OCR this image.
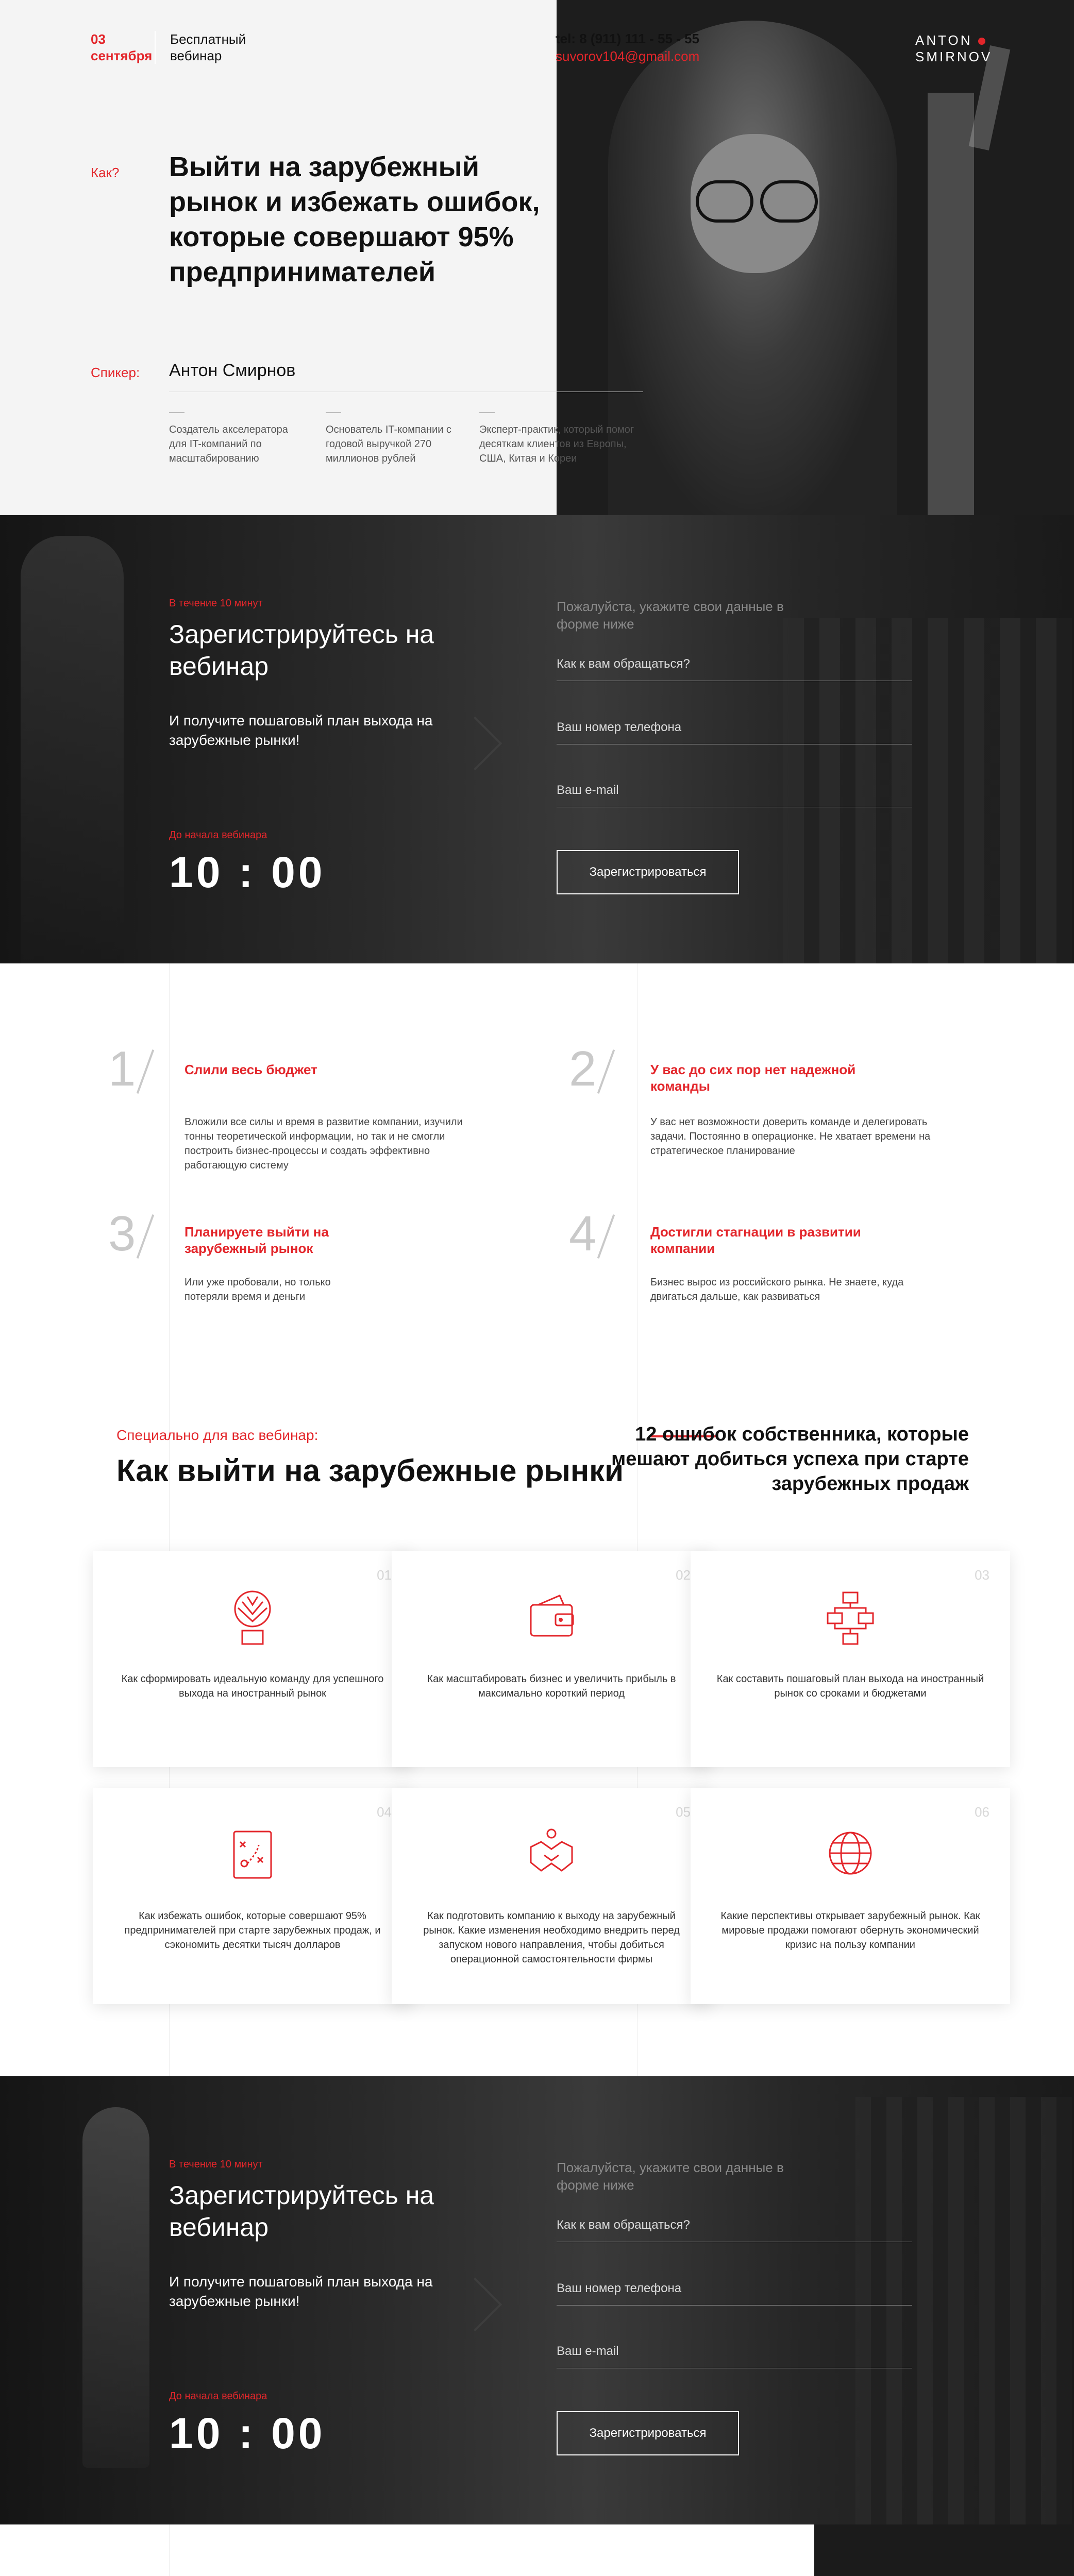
03
сентября
Бесплатный
вебинар
tel: 8 (911) 111 - 55 - 55
suvorov104@gmail.com
ANTON
SMIRNOV
Как? Выйти на зарубежный рынок и избежать ошибок, которые совершают 95% предпринимателей
Спикер: Антон Смирнов
Создатель акселератора для IT-компаний по масштабированию
Основатель IT-компании с годовой выручкой 270 миллионов рублей
Эксперт-практик, который помог десяткам клиентов из Европы, США, Китая и Кореи
В течение 10 минут
Зарегистрируйтесь на вебинар
И получите пошаговый план выхода на зарубежные рынки!
До начала вебинара
10 : 00
Пожалуйста, укажите свои данные в форме ниже
Как к вам обращаться?
Ваш номер телефона
Ваш e-mail
Зарегистрироваться
1	Слили весь бюджет
Вложили все силы и время в развитие компании, изучили тонны теоретической информации, но так и не смогли построить бизнес-процессы и создать эффективно работающую систему
2	У вас до сих пор нет надежной команды
У вас нет возможности доверить команде и делегировать задачи. Постоянно в операционке. Не хватает времени на стратегическое планирование
3	Планируете выйти на зарубежный рынок
Или уже пробовали, но только потеряли время и деньги
4	Достигли стагнации в развитии компании
Бизнес вырос из российского рынка. Не знаете, куда двигаться дальше, как развиваться
Специально для вас вебинар:
Как выйти на зарубежные рынки
12 ошибок собственника, которые мешают добиться успеха при старте зарубежных продаж
01
Как сформировать идеальную команду для успешного выхода на иностранный рынок
02
Как масштабировать бизнес и увеличить прибыль в максимально короткий период
03
Как составить пошаговый план выхода на иностранный рынок со сроками и бюджетами
04
Как избежать ошибок, которые совершают 95% предпринимателей при старте зарубежных продаж, и сэкономить десятки тысяч долларов
05
Как подготовить компанию к выходу на зарубежный рынок. Какие изменения необходимо внедрить перед запуском нового направления, чтобы добиться операционной самостоятельности фирмы
06
Какие перспективы открывает зарубежный рынок. Как мировые продажи помогают обернуть экономический кризис на пользу компании
В течение 10 минут
Зарегистрируйтесь на вебинар
И получите пошаговый план выхода на зарубежные рынки!
До начала вебинара
10 : 00
Пожалуйста, укажите свои данные в форме ниже
Как к вам обращаться?
Ваш номер телефона
Ваш e-mail
Зарегистрироваться
